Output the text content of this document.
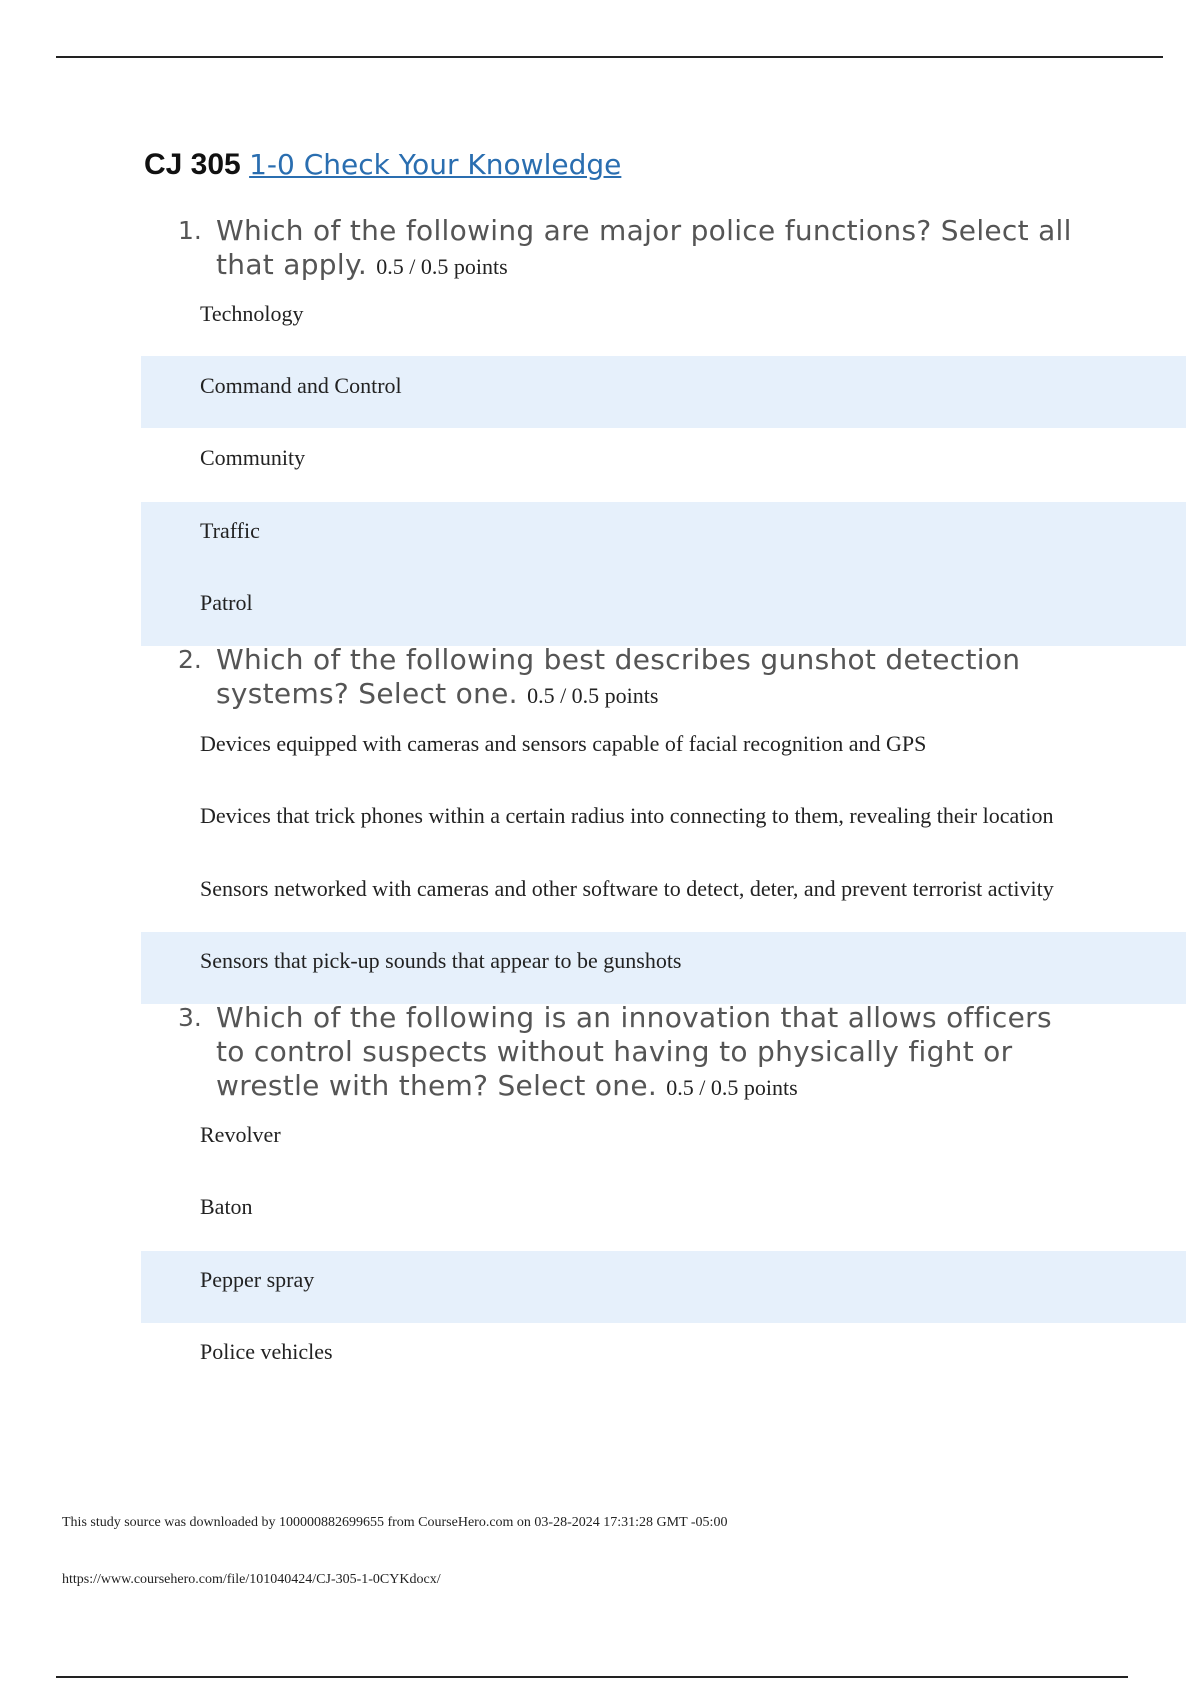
CJ 305 1-0 Check Your Knowledge
1. Which of the following are major police functions? Select all that apply. 0.5 / 0.5 points
Technology
Command and Control
Community
Traffic
Patrol
2. Which of the following best describes gunshot detection systems? Select one. 0.5 / 0.5 points
Devices equipped with cameras and sensors capable of facial recognition and GPS
Devices that trick phones within a certain radius into connecting to them, revealing their location
Sensors networked with cameras and other software to detect, deter, and prevent terrorist activity
Sensors that pick-up sounds that appear to be gunshots
3. Which of the following is an innovation that allows officers to control suspects without having to physically fight or wrestle with them? Select one. 0.5 / 0.5 points
Revolver
Baton
Pepper spray
Police vehicles
This study source was downloaded by 100000882699655 from CourseHero.com on 03-28-2024 17:31:28 GMT -05:00
https://www.coursehero.com/file/101040424/CJ-305-1-0CYKdocx/
